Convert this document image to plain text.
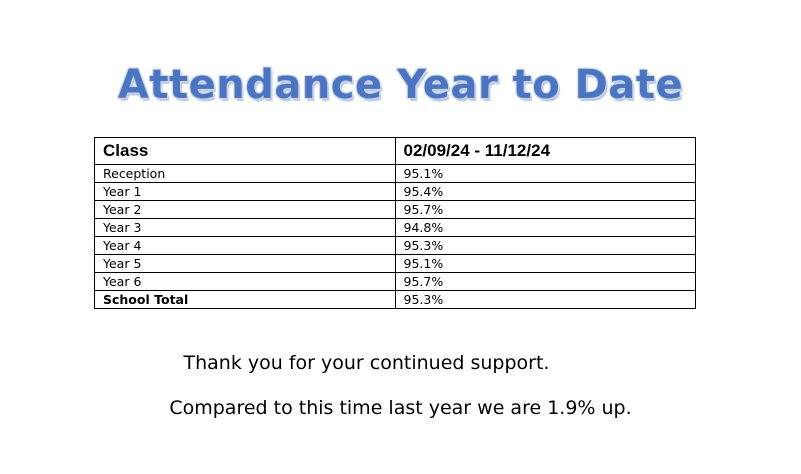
Attendance Year to Date
Class	02/09/24 - 11/12/24
Reception	95.1%
Year 1	95.4%
Year 2	95.7%
Year 3	94.8%
Year 4	95.3%
Year 5	95.1%
Year 6	95.7%
School Total	95.3%
Thank you for your continued support.
Compared to this time last year we are 1.9% up.
